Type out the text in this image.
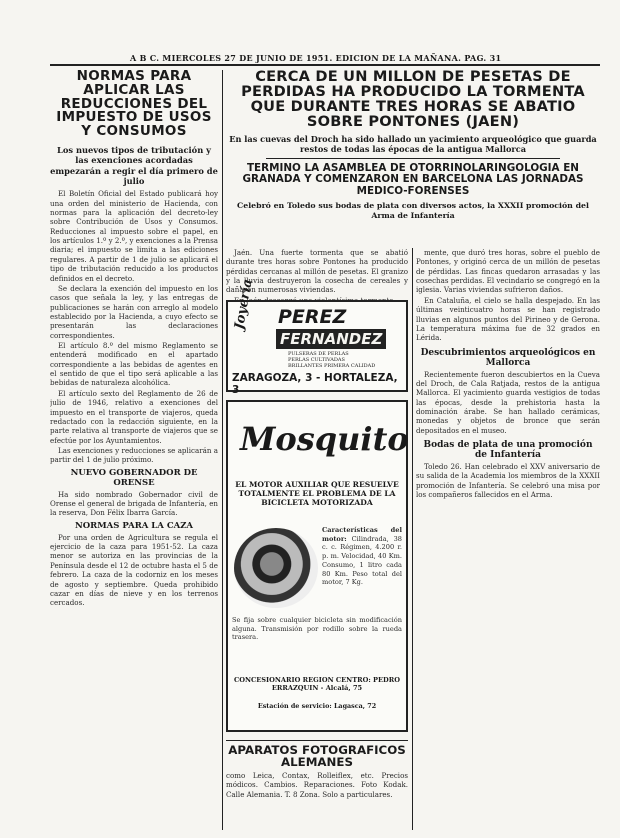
A B C. MIERCOLES 27 DE JUNIO DE 1951. EDICION DE LA MAÑANA. PAG. 31
NORMAS PARA APLICAR LAS REDUCCIONES DEL IMPUESTO DE USOS Y CONSUMOS
Los nuevos tipos de tributación y las exenciones acordadas empezarán a regir el día primero de julio

El Boletín Oficial del Estado publicará hoy una orden del ministerio de Hacienda, con normas para la aplicación del decreto-ley sobre Contribución de Usos y Consumos. Reducciones al impuesto sobre el papel, en los artículos 1.º y 2.º, y exenciones a la Prensa diaria; el impuesto se limita a las ediciones regulares. A partir de 1 de julio se aplicará el tipo de tributación reducido a los productos definidos en el decreto.

Se declara la exención del impuesto en los casos que señala la ley, y las entregas de publicaciones se harán con arreglo al modelo establecido por la Hacienda, a cuyo efecto se presentarán las declaraciones correspondientes.

El artículo 8.º del mismo Reglamento se entenderá modificado en el apartado correspondiente a las bebidas de agentes en el sentido de que el tipo será aplicable a las bebidas de naturaleza alcohólica.

El artículo sexto del Reglamento de 26 de julio de 1946, relativo a exenciones del impuesto en el transporte de viajeros, queda redactado con la redacción siguiente, en la parte relativa al transporte de viajeros que se efectúe por los Ayuntamientos.

Las exenciones y reducciones se aplicarán a partir del 1 de julio próximo.

NUEVO GOBERNADOR DE ORENSE

Ha sido nombrado Gobernador civil de Orense el general de brigada de Infantería, en la reserva, Don Félix Ibarra García.

NORMAS PARA LA CAZA

Por una orden de Agricultura se regula el ejercicio de la caza para 1951-52. La caza menor se autoriza en las provincias de la Península desde el 12 de octubre hasta el 5 de febrero. La caza de la codorniz en los meses de agosto y septiembre. Queda prohibido cazar en días de nieve y en los terrenos cercados.

CERCA DE UN MILLON DE PESETAS DE PERDIDAS HA PRODUCIDO LA TORMENTA QUE DURANTE TRES HORAS SE ABATIO SOBRE PONTONES (JAEN)
En las cuevas del Droch ha sido hallado un yacimiento arqueológico que guarda restos de todas las épocas de la antigua Mallorca
TERMINO LA ASAMBLEA DE OTORRINOLARINGOLOGIA EN GRANADA Y COMENZARON EN BARCELONA LAS JORNADAS MEDICO-FORENSES
Celebró en Toledo sus bodas de plata con diversos actos, la XXXII promoción del Arma de Infantería

Jaén. Una fuerte tormenta que se abatió durante tres horas sobre Pontones ha producido pérdidas cercanas al millón de pesetas. El granizo y la lluvia destruyeron la cosecha de cereales y dañaron numerosas viviendas.

Joyería PEREZ
FERNANDEZ
PULSERAS DE PERLAS
PERLAS CULTIVADAS
BRILLANTES PRIMERA CALIDAD
ZARAGOZA, 3 - HORTALEZA, 3
Mosquito
EL MOTOR AUXILIAR QUE RESUELVE TOTALMENTE EL PROBLEMA DE LA BICICLETA MOTORIZADA
Características del motor: Cilindrada, 38 c. c. Régimen, 4.200 r. p. m. Velocidad, 40 Km. Consumo, 1 litro cada 80 Km. Peso total del motor, 7 Kg.
Se fija sobre cualquier bicicleta sin modificación alguna. Transmisión por rodillo sobre la rueda trasera.
CONCESIONARIO REGION CENTRO: PEDRO ERRAZQUIN - Alcalá, 75
Estación de servicio: Lagasca, 72
APARATOS FOTOGRAFICOS ALEMANES
como Leica, Contax, Rolleiflex, etc. Precios módicos. Cambios. Reparaciones. Foto Kodak. Calle Alemania. T. 8 Zona. Solo a particulares.

mente, que duró tres horas, sobre el pueblo de Pontones, y originó cerca de un millón de pesetas de pérdidas. Las fincas quedaron arrasadas y las cosechas perdidas. El vecindario se congregó en la iglesia. Varias viviendas sufrieron daños.

En Cataluña, el cielo se halla despejado. En las últimas veinticuatro horas se han registrado lluvias en algunos puntos del Pirineo y de Gerona. La temperatura máxima fue de 32 grados en Lérida.

Descubrimientos arqueológicos en Mallorca

Recientemente fueron descubiertos en la Cueva del Droch, de Cala Ratjada, restos de la antigua Mallorca. El yacimiento guarda vestigios de todas las épocas, desde la prehistoria hasta la dominación árabe. Se han hallado cerámicas, monedas y objetos de bronce que serán depositados en el museo.

Bodas de plata de una promoción de Infantería

Toledo 26. Han celebrado el XXV aniversario de su salida de la Academia los miembros de la XXXII promoción de Infantería. Se celebró una misa por los compañeros fallecidos en el Arma.
